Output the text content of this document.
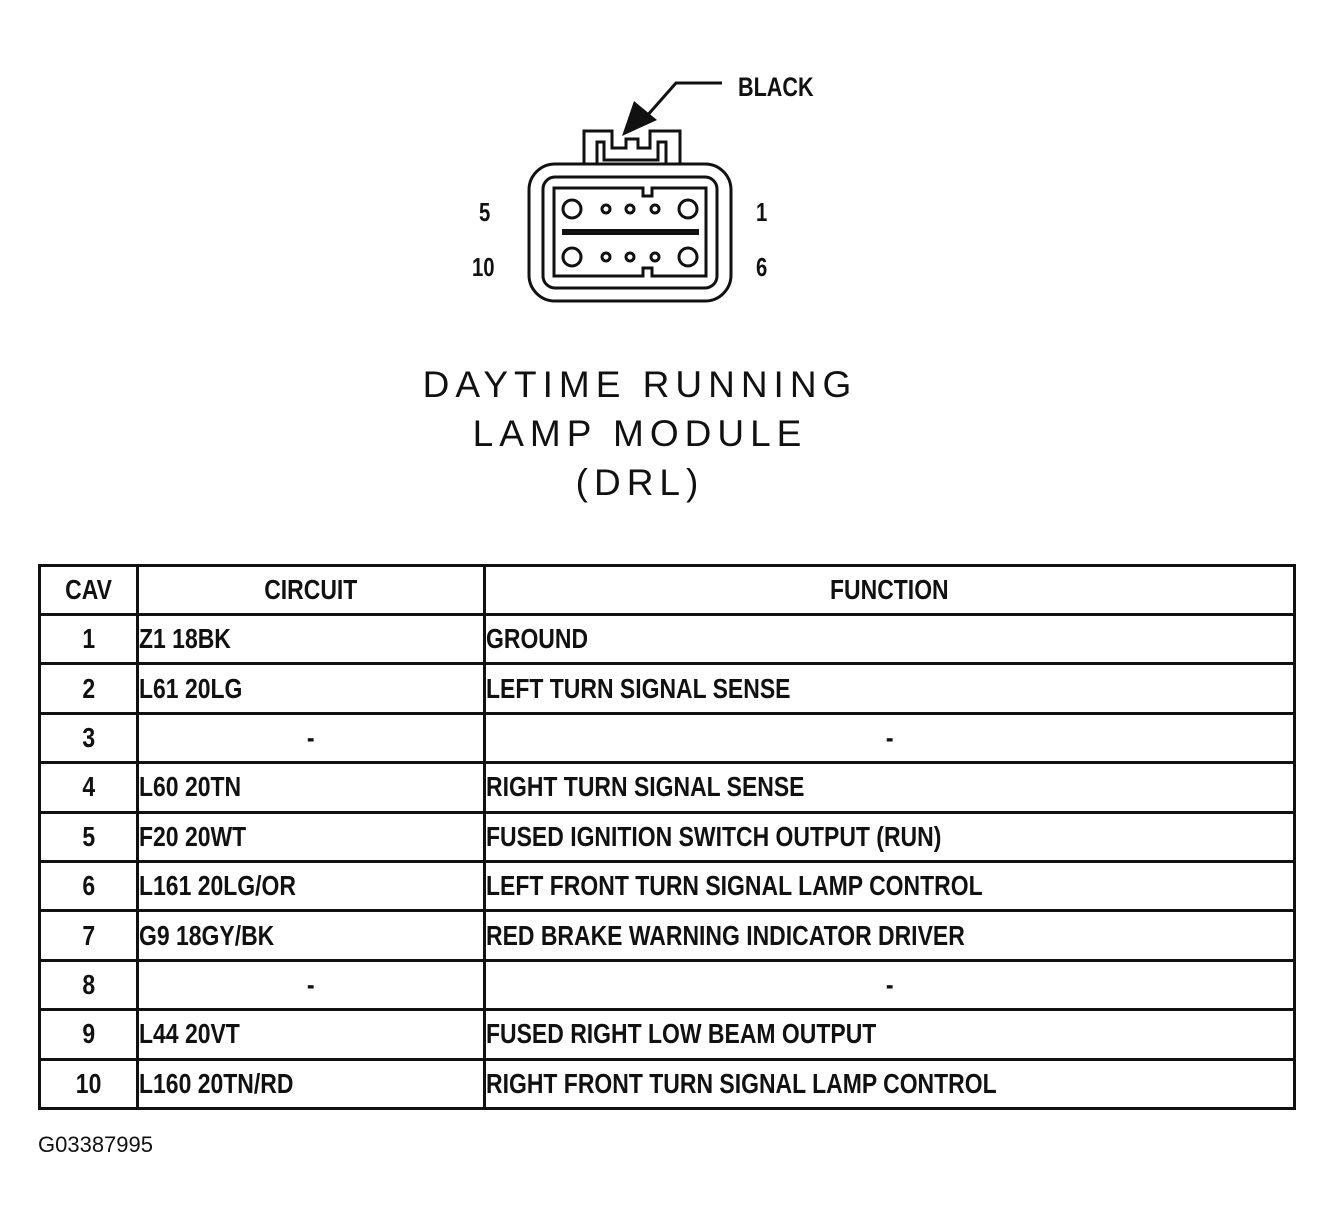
BLACK
5	1
10	6
DAYTIME RUNNING
LAMP MODULE
(DRL)
CAV	CIRCUIT	FUNCTION
1	Z1 18BK	GROUND
2	L61 20LG	LEFT TURN SIGNAL SENSE
3	-	-
4	L60 20TN	RIGHT TURN SIGNAL SENSE
5	F20 20WT	FUSED IGNITION SWITCH OUTPUT (RUN)
6	L161 20LG/OR	LEFT FRONT TURN SIGNAL LAMP CONTROL
7	G9 18GY/BK	RED BRAKE WARNING INDICATOR DRIVER
8	-	-
9	L44 20VT	FUSED RIGHT LOW BEAM OUTPUT
10	L160 20TN/RD	RIGHT FRONT TURN SIGNAL LAMP CONTROL
G03387995
